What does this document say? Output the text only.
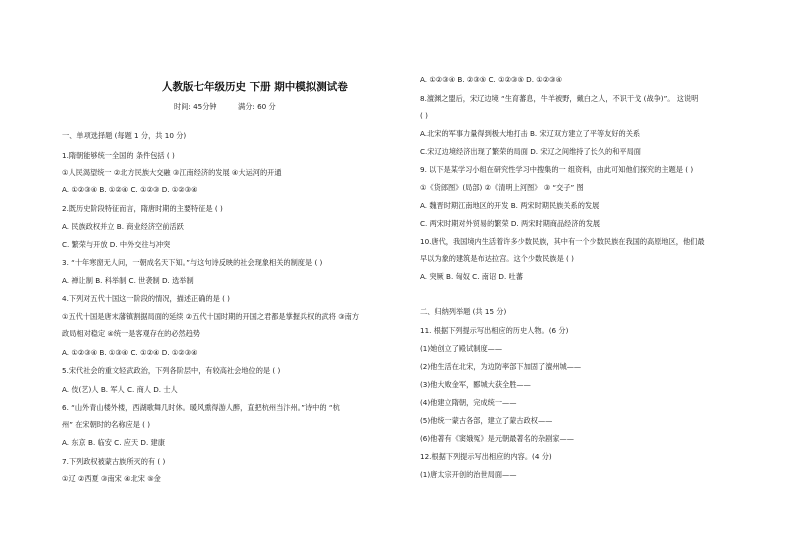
人教版七年级历史 下册 期中模拟测试卷
时间: 45分钟	满分: 60 分
一、单项选择题 (每题 1 分，共 10 分)
1.隋朝能够统一全国的 条件包括 ( )
①人民渴望统一 ②北方民族大交融 ③江南经济的发展 ④大运河的开通
A. ①②③④ B. ①②④ C. ①②③ D. ①②③④
2.既历史阶段特征而言，隋唐时期的主要特征是 ( )
A. 民族政权并立 B. 商业经济空前活跃
C. 繁荣与开放 D. 中外交往与冲突
3. “十年寒窗无人问，一朝成名天下知。”与这句诗反映的社会现象相关的制度是 ( )
A. 禅让制 B. 科举制 C. 世袭制 D. 选举制
4.下列对五代十国这一阶段的情况，描述正确的是 ( )
①五代十国是唐末藩镇割据局面的延续 ②五代十国时期的开国之君都是掌握兵权的武将 ③南方
政局相对稳定 ④统一是客观存在的必然趋势
A. ①②③④ B. ①③④ C. ①②④ D. ①②③④
5.宋代社会的重文轻武政治，下列各阶层中，有较高社会地位的是 ( )
A. 伎(艺)人 B. 军人 C. 商人 D. 士人
6. “山外青山楼外楼，西湖歌舞几时休。暖风熏得游人醉，直把杭州当汴州。”诗中的 “杭
州” 在宋朝时的名称应是 ( )
A. 东京 B. 临安 C. 应天 D. 建康
7.下列政权被蒙古族所灭的有 ( )
①辽 ②西夏 ③南宋 ④北宋 ⑤金
A. ①②③④ B. ②③⑤ C. ①②③⑤ D. ①②③④
8.澶渊之盟后，宋辽边境 “生育蕃息，牛羊被野，戴白之人，不识干戈 (战争)”。 这说明
( )
A.北宋的军事力量得到极大地打击 B. 宋辽双方建立了平等友好的关系
C.宋辽边境经济出现了繁荣的局面 D. 宋辽之间维持了长久的和平局面
9. 以下是某学习小组在研究性学习中搜集的一 组资料，由此可知他们探究的主题是 ( )
①《货郎图》(局部) ②《清明上河图》 ③ “交子” 图
A. 魏晋时期江南地区的开发 B. 两宋时期民族关系的发展
C. 两宋时期对外贸易的繁荣 D. 两宋时期商品经济的发展
10.唐代，我国境内生活着许多少数民族，其中有一个少数民族在我国的高原地区，他们最
早以为象的建筑是布达拉宫。这个少数民族是 ( )
A. 突厥 B. 匈奴 C. 南诏 D. 吐蕃
二、归纳列举题 (共 15 分)
11. 根据下列提示写出相应的历史人物。(6 分)
(1)她创立了殿试制度——
(2)他生活在北宋，为边防率部下加固了澶州城——
(3)他大败金军，郾城大获全胜——
(4)他建立隋朝，完成统一——
(5)他统一蒙古各部，建立了蒙古政权——
(6)他著有《窦娥冤》是元朝最著名的杂剧家——
12.根据下列提示写出相应的内容。(4 分)
(1)唐太宗开创的治世局面——
